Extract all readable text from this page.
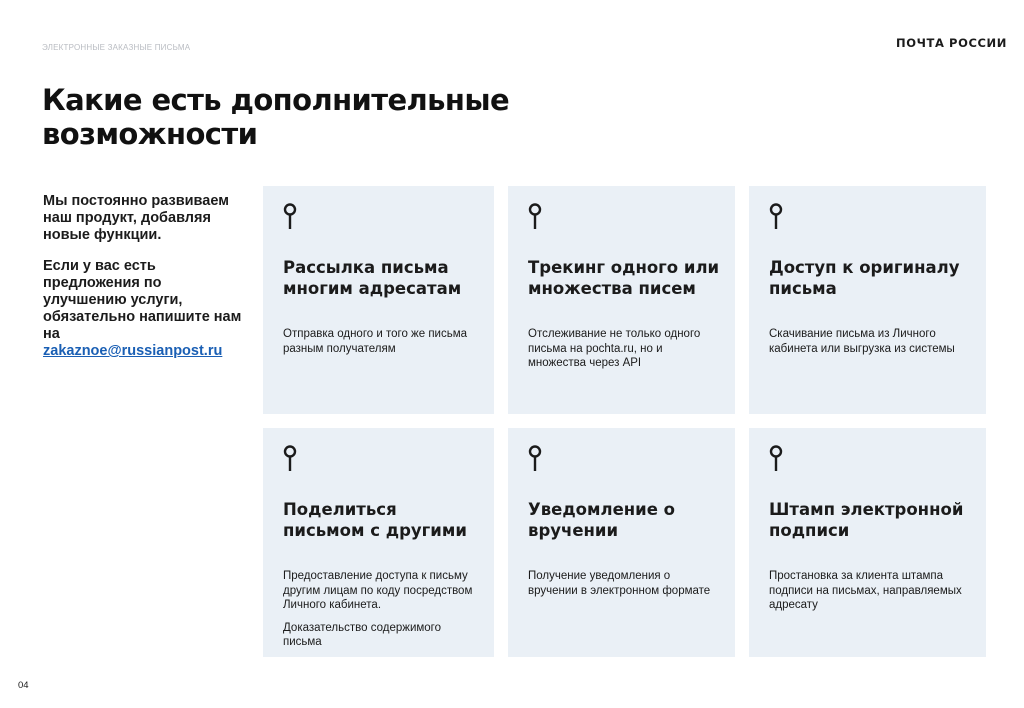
ЭЛЕКТРОННЫЕ ЗАКАЗНЫЕ ПИСЬМА	ПОЧТА РОССИИ
Какие есть дополнительные
возможности

Мы постоянно развиваем наш продукт, добавляя новые функции.

Если у вас есть предложения по улучшению услуги, обязательно напишите нам на
zakaznoe@russianpost.ru

Рассылка письма многим адресатам

Отправка одного и того же письма разным получателям

Трекинг одного или множества писем

Отслеживание не только одного письма на pochta.ru, но и множества через API

Доступ к оригиналу письма

Скачивание письма из Личного кабинета или выгрузка из системы

Поделиться письмом с другими

Предоставление доступа к письму другим лицам по коду посредством Личного кабинета.

Доказательство содержимого письма

Уведомление о вручении

Получение уведомления о вручении в электронном формате

Штамп электронной подписи

Простановка за клиента штампа подписи на письмах, направляемых адресату

04
